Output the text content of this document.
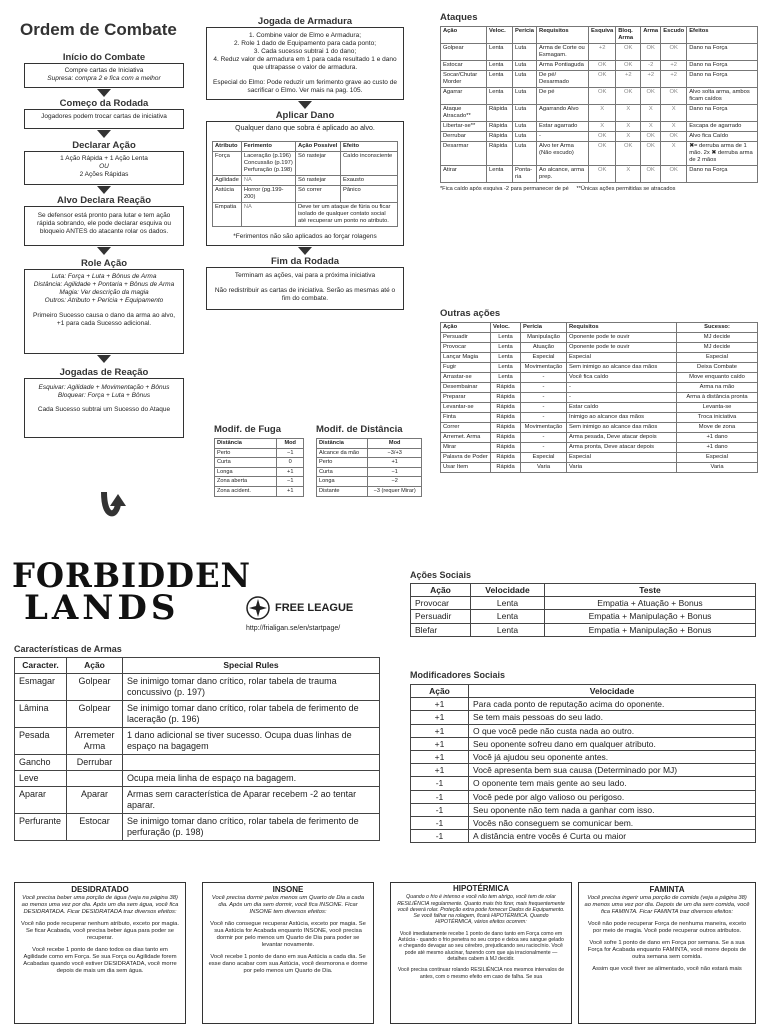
Ordem de Combate
Início do Combate
Compre cartas de Iniciativa
Supresa: compra 2 e fica com a melhor
Começo da Rodada
Jogadores podem trocar cartas de iniciativa
Declarar Ação
1 Ação Rápida + 1 Ação Lenta
OU
2 Ações Rápidas
Alvo Declara Reação
Se defensor está pronto para lutar e tem ação rápida sobrando, ele pode declarar esquiva ou bloqueio ANTES do atacante rolar os dados.
Role Ação
Luta: Força + Luta + Bônus de Arma
Distância: Agilidade + Pontaria + Bônus de Arma
Magia: Ver descrição da magia
Outros: Atributo + Perícia + Equipamento
Primeiro Sucesso causa o dano da arma ao alvo, +1 para cada Sucesso adicional.
Jogadas de Reação
Esquivar: Agilidade + Movimentação + Bônus
Bloquear: Força + Luta + Bônus
Cada Sucesso subtrai um Sucesso do Ataque
Jogada de Armadura
1. Combine valor de Elmo e Armadura;
2. Role 1 dado de Equipamento para cada ponto;
3. Cada sucesso subtrai 1 do dano;
4. Reduz valor de armadura em 1 para cada resultado 1 e dano que ultrapasse o valor de armadura.
Especial do Elmo: Pode reduzir um ferimento grave ao custo de sacrificar o Elmo. Ver mais na pag. 105.
Aplicar Dano
Qualquer dano que sobra é aplicado ao alvo.
Atributo	Ferimento	Ação Possível	Efeito
Força	Laceração (p.196) Concussão (p.197) Perfuração (p.198)	Só rastejar	Caído inconsciente
Agilidade	NA	Só rastejar	Exausto
Astúcia	Horror (pg.199-200)	Só correr	Pânico
Empatia	NA	Deve ter um ataque de fúria ou ficar isolado de qualquer contato social até recuperar um ponto no atributo.	
*Ferimentos não são aplicados ao forçar rolagens
Fim da Rodada
Terminam as ações, vai para a próxima iniciativa
Não redistribuir as cartas de iniciativa. Serão as mesmas até o fim do combate.
Modif. de Fuga
Distância	Mod
Perto	−1
Curta	0
Longa	+1
Zona aberta	−1
Zona acident.	+1
Modif. de Distância
Distância	Mod
Alcance da mão	−3/+3
Perto	+1
Curta	−1
Longa	−2
Distante	−3 (requer Mirar)
Ataques
Ação	Veloc.	Perícia	Requisitos	Esquiva	Bloq. Arma	Arma	Escudo	Efeitos
Golpear	Lenta	Luta	Arma de Corte ou Esmagam.	+2	OK	OK	OK	Dano na Força
Estocar	Lenta	Luta	Arma Pontiaguda	OK	OK	-2	+2	Dano na Força
Socar/Chutar Morder	Lenta	Luta	De pé/ Desarmado	OK	+2	+2	+2	Dano na Força
Agarrar	Lenta	Luta	De pé	OK	OK	OK	OK	Alvo solta arma, ambos ficam caídos
Ataque Atracado**	Rápida	Luta	Agarrando Alvo	X	X	X	X	Dano na Força
Libertar-se**	Rápida	Luta	Estar agarrado	X	X	X	X	Escapa de agarrado
Derrubar	Rápida	Luta	-	OK	X	OK	OK	Alvo fica Caído
Desarmar	Rápida	Luta	Alvo ter Arma (Não escudo)	OK	OK	OK	X	✖= derruba arma de 1 mão. 2x ✖ derruba arma de 2 mãos
Atirar	Lenta	Ponta-ria	Ao alcance, arma prep.	OK	X	OK	OK	Dano na Força
*Fica caído após esquiva -2 para permanecer de pé **Únicas ações permitidas se atracados
Outras ações
Ação	Veloc.	Perícia	Requisitos	Sucesso:
Persuadir	Lenta	Manipulação	Oponente pode te ouvir	MJ decide
Provocar	Lenta	Atuação	Oponente pode te ouvir	MJ decide
Lançar Magia	Lenta	Especial	Especial	Especial
Fugir	Lenta	Movimentação	Sem inimigo ao alcance das mãos	Deixa Combate
Arrastar-se	Lenta	-	Você fica caído	Move enquanto caído
Desembainar	Rápida	-	-	Arma na mão
Preparar	Rápida	-	-	Arma à distância pronta
Levantar-se	Rápida	-	Estar caído	Levanta-se
Finta	Rápida	-	Inimigo ao alcance das mãos	Troca iniciativa
Correr	Rápida	Movimentação	Sem inimigo ao alcance das mãos	Move de zona
Arremet. Arma	Rápida	-	Arma pesada, Deve atacar depois	+1 dano
Mirar	Rápida	-	Arma pronta, Deve atacar depois	+1 dano
Palavra de Poder	Rápida	Especial	Especial	Especial
Usar Item	Rápida	Varia	Varia	Varia
FORBIDDEN
LANDS	FREE LEAGUE
http://frialigan.se/en/startpage/
Características de Armas
Caracter.	Ação	Special Rules
Esmagar	Golpear	Se inimigo tomar dano crítico, rolar tabela de trauma concussivo (p. 197)
Lâmina	Golpear	Se inimigo tomar dano crítico, rolar tabela de ferimento de laceração (p. 196)
Pesada	Arremeter Arma	1 dano adicional se tiver sucesso. Ocupa duas linhas de espaço na bagagem
Gancho	Derrubar	
Leve		Ocupa meia linha de espaço na bagagem.
Aparar	Aparar	Armas sem característica de Aparar recebem -2 ao tentar aparar.
Perfurante	Estocar	Se inimigo tomar dano crítico, rolar tabela de ferimento de perfuração (p. 198)
Ações Sociais
Ação	Velocidade	Teste
Provocar	Lenta	Empatia + Atuação + Bonus
Persuadir	Lenta	Empatia + Manipulação + Bonus
Blefar	Lenta	Empatia + Manipulação + Bonus
Modificadores Sociais
Ação	Velocidade
+1	Para cada ponto de reputação acima do oponente.
+1	Se tem mais pessoas do seu lado.
+1	O que você pede não custa nada ao outro.
+1	Seu oponente sofreu dano em qualquer atributo.
+1	Você já ajudou seu oponente antes.
+1	Você apresenta bem sua causa (Determinado por MJ)
-1	O oponente tem mais gente ao seu lado.
-1	Você pede por algo valioso ou perigoso.
-1	Seu oponente não tem nada a ganhar com isso.
-1	Vocês não conseguem se comunicar bem.
-1	A distância entre vocês é Curta ou maior
DESIDRATADO

Você precisa beber uma porção de água (veja na página 38) ao menos uma vez por dia. Após um dia sem água, você fica DESIDRATADA. Ficar DESIDRATADA traz diversos efeitos:

Você não pode recuperar nenhum atributo, exceto por magia. Se ficar Acabada, você precisa beber água para poder se recuperar.

Você recebe 1 ponto de dano todos os dias tanto em Agilidade como em Força. Se sua Força ou Agilidade forem Acabadas quando você estiver DESIDRATADA, você morre depois de mais um dia sem água.

INSONE

Você precisa dormir pelos menos um Quarto de Dia a cada dia. Após um dia sem dormir, você fica INSONE. Ficar INSONE tem diversos efeitos:

Você não consegue recuperar Astúcia, exceto por magia. Se sua Astúcia for Acabada enquanto INSONE, você precisa dormir por pelo menos um Quarto de Dia para poder se levantar novamente.

Você recebe 1 ponto de dano em sua Astúcia a cada dia. Se esse dano acabar com sua Astúcia, você desmorona e dorme por pelo menos um Quarto de Dia.

HIPOTÉRMICA

Quando o frio é intenso e você não tem abrigo, você tem de rolar RESILIÊNCIA regularmente. Quanto mais frio fizer, mais frequentemente você deverá rolar. Proteção extra pode fornecer Dados de Equipamento. Se você falhar na rolagem, ficará HIPOTÉRMICA. Quando HIPOTÉRMICA, vários efeitos ocorrem:

Você imediatamente recebe 1 ponto de dano tanto em Força como em Astúcia - quando o frio penetra no seu corpo e deixa seu sangue gelado e chegando devagar ao seu cérebro, prejudicando seu raciocínio. Você pode até mesmo alucinar, fazendo com que aja irracionalmente — detalhes cabem à MJ decidir.

Você precisa continuar rolando RESILIÊNCIA nos mesmos intervalos de antes, com o mesmo efeito em caso de falha. Se sua

FAMINTA

Você precisa ingerir uma porção de comida (veja a página 38) ao menos uma vez por dia. Depois de um dia sem comida, você fica FAMINTA. Ficar FAMINTA traz diversos efeitos:

Você não pode recuperar Força de nenhuma maneira, exceto por meio de magia. Você pode recuperar outros atributos.

Você sofre 1 ponto de dano em Força por semana. Se a sua Força for Acabada enquanto FAMINTA, você morre depois de outra semana sem comida.

Assim que você tiver se alimentado, você não estará mais
